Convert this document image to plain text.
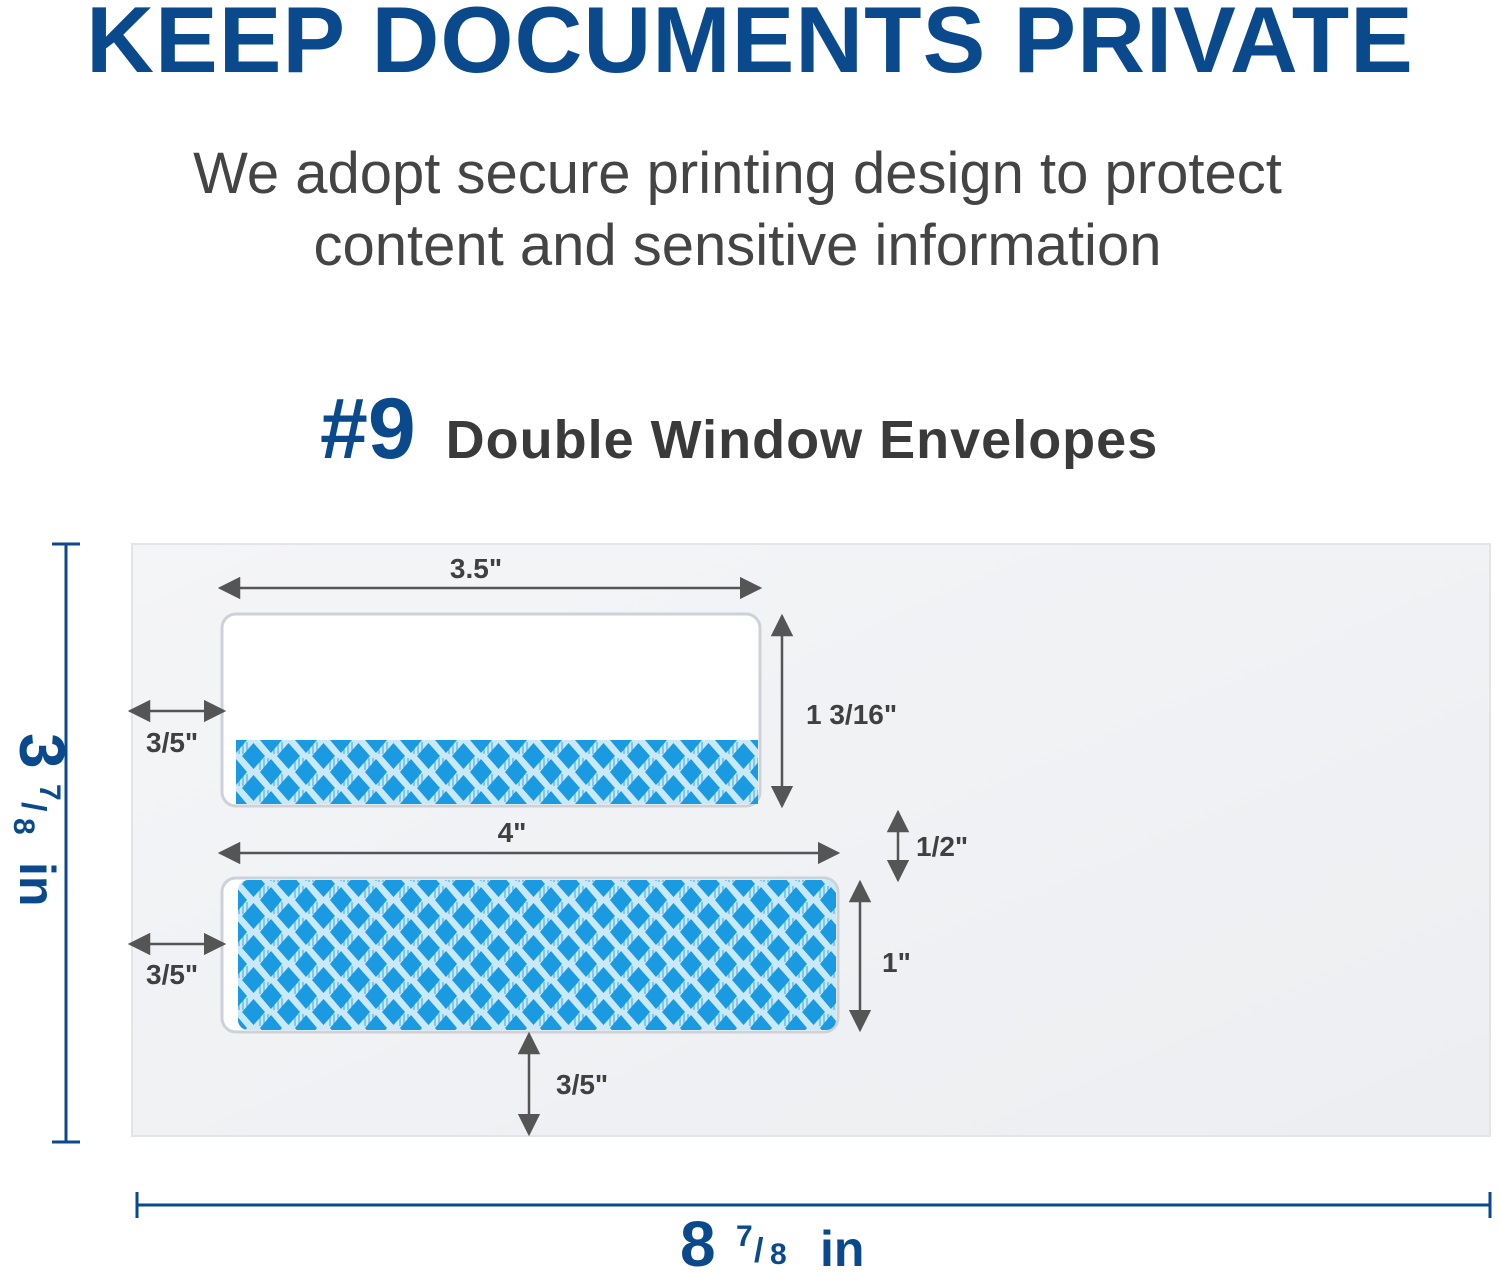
KEEP DOCUMENTS PRIVATE

We adopt secure printing design to protect
content and sensitive information

#9 Double Window Envelopes
3.5"
1 3/16"
3/5"
1/2"
4"
1"
3/5"
3/5"
3
7
/
8
in
8 7 / 8 in
